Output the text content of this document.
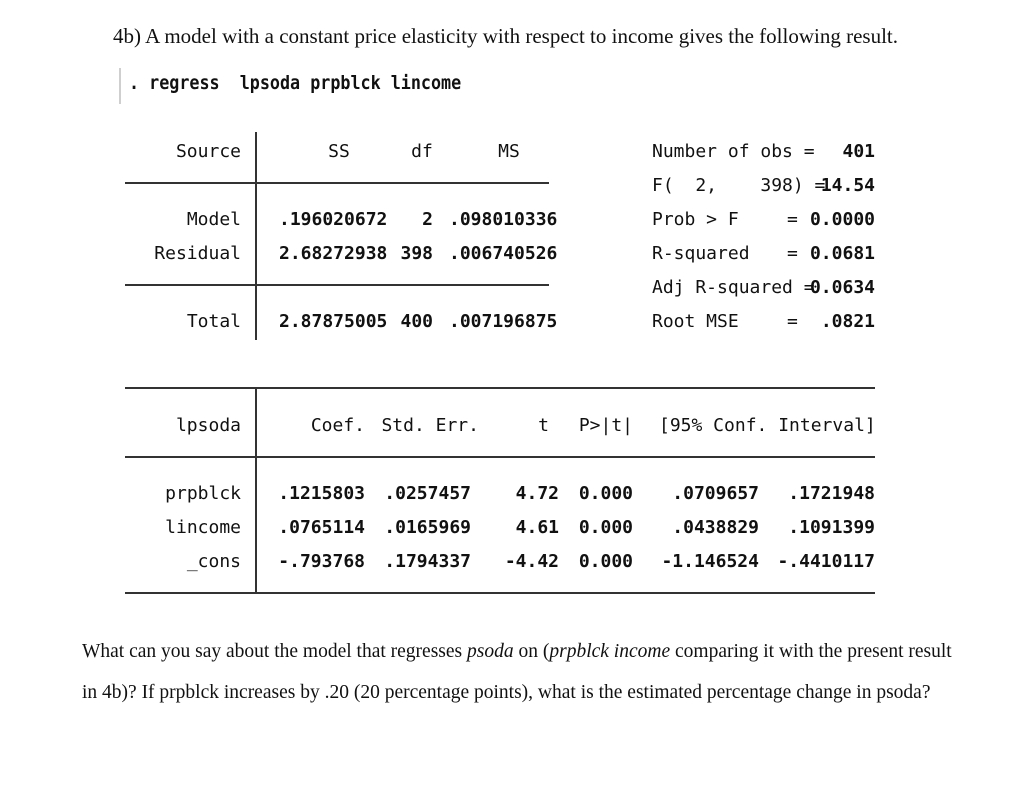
4b) A model with a constant price elasticity with respect to income gives the following result.
. regress  lpsoda prpblck lincome
Source	SS	df	MS
Model .196020672	2 .098010336
Residual 2.68272938 398 .006740526
Total 2.87875005 400 .007196875
Number of obs =	401
F(  2,    398) =
14.54
Prob > F	= 0.0000
R-squared = 0.0681
Adj R-squared =
0.0634
Root MSE	=	.0821
lpsoda	Coef. Std. Err.	t	P>|t| [95% Conf. Interval]
prpblck	.1215803	.0257457	4.72	0.000	.0709657	.1721948
lincome	.0765114	.0165969	4.61	0.000	.0438829	.1091399
_cons	-.793768	.1794337	-4.42	0.000	-1.146524	-.4410117
What can you say about the model that regresses psoda on (prpblck income comparing it with the present result in 4b)? If prpblck increases by .20 (20 percentage points), what is the estimated percentage change in psoda?
